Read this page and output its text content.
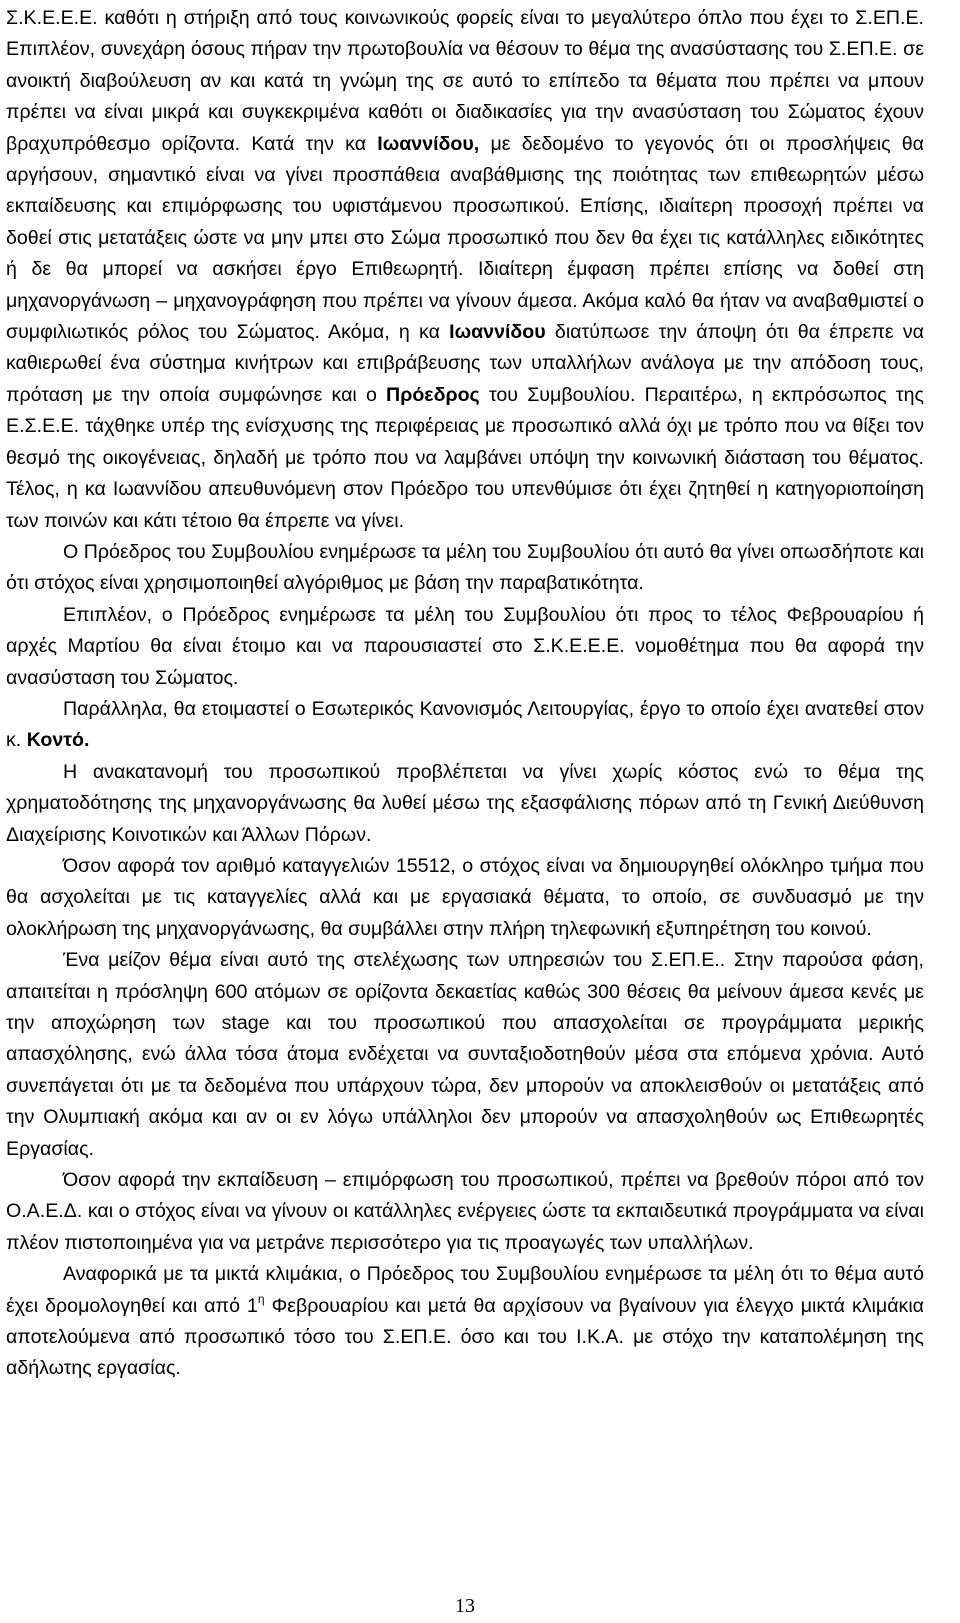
Σ.Κ.Ε.Ε.Ε. καθότι η στήριξη από τους κοινωνικούς φορείς είναι το μεγαλύτερο όπλο που έχει το Σ.ΕΠ.Ε. Επιπλέον, συνεχάρη όσους πήραν την πρωτοβουλία να θέσουν το θέμα της ανασύστασης του Σ.ΕΠ.Ε. σε ανοικτή διαβούλευση αν και κατά τη γνώμη της σε αυτό το επίπεδο τα θέματα που πρέπει να μπουν πρέπει να είναι μικρά και συγκεκριμένα καθότι οι διαδικασίες για την ανασύσταση του Σώματος έχουν βραχυπρόθεσμο ορίζοντα. Κατά την κα Ιωαννίδου, με δεδομένο το γεγονός ότι οι προσλήψεις θα αργήσουν, σημαντικό είναι να γίνει προσπάθεια αναβάθμισης της ποιότητας των επιθεωρητών μέσω εκπαίδευσης και επιμόρφωσης του υφιστάμενου προσωπικού. Επίσης, ιδιαίτερη προσοχή πρέπει να δοθεί στις μετατάξεις ώστε να μην μπει στο Σώμα προσωπικό που δεν θα έχει τις κατάλληλες ειδικότητες ή δε θα μπορεί να ασκήσει έργο Επιθεωρητή. Ιδιαίτερη έμφαση πρέπει επίσης να δοθεί στη μηχανοργάνωση – μηχανογράφηση που πρέπει να γίνουν άμεσα. Ακόμα καλό θα ήταν να αναβαθμιστεί ο συμφιλιωτικός ρόλος του Σώματος. Ακόμα, η κα Ιωαννίδου διατύπωσε την άποψη ότι θα έπρεπε να καθιερωθεί ένα σύστημα κινήτρων και επιβράβευσης των υπαλλήλων ανάλογα με την απόδοση τους, πρόταση με την οποία συμφώνησε και ο Πρόεδρος του Συμβουλίου. Περαιτέρω, η εκπρόσωπος της Ε.Σ.Ε.Ε. τάχθηκε υπέρ της ενίσχυσης της περιφέρειας με προσωπικό αλλά όχι με τρόπο που να θίξει τον θεσμό της οικογένειας, δηλαδή με τρόπο που να λαμβάνει υπόψη την κοινωνική διάσταση του θέματος. Τέλος, η κα Ιωαννίδου απευθυνόμενη στον Πρόεδρο του υπενθύμισε ότι έχει ζητηθεί η κατηγοριοποίηση των ποινών και κάτι τέτοιο θα έπρεπε να γίνει.

Ο Πρόεδρος του Συμβουλίου ενημέρωσε τα μέλη του Συμβουλίου ότι αυτό θα γίνει οπωσδήποτε και ότι στόχος είναι χρησιμοποιηθεί αλγόριθμος με βάση την παραβατικότητα.

Επιπλέον, ο Πρόεδρος ενημέρωσε τα μέλη του Συμβουλίου ότι προς το τέλος Φεβρουαρίου ή αρχές Μαρτίου θα είναι έτοιμο και να παρουσιαστεί στο Σ.Κ.Ε.Ε.Ε. νομοθέτημα που θα αφορά την ανασύσταση του Σώματος.

Παράλληλα, θα ετοιμαστεί ο Εσωτερικός Κανονισμός Λειτουργίας, έργο το οποίο έχει ανατεθεί στον κ. Κοντό.

Η ανακατανομή του προσωπικού προβλέπεται να γίνει χωρίς κόστος ενώ το θέμα της χρηματοδότησης της μηχανοργάνωσης θα λυθεί μέσω της εξασφάλισης πόρων από τη Γενική Διεύθυνση Διαχείρισης Κοινοτικών και Άλλων Πόρων.

Όσον αφορά τον αριθμό καταγγελιών 15512, ο στόχος είναι να δημιουργηθεί ολόκληρο τμήμα που θα ασχολείται με τις καταγγελίες αλλά και με εργασιακά θέματα, το οποίο, σε συνδυασμό με την ολοκλήρωση της μηχανοργάνωσης, θα συμβάλλει στην πλήρη τηλεφωνική εξυπηρέτηση του κοινού.

Ένα μείζον θέμα είναι αυτό της στελέχωσης των υπηρεσιών του Σ.ΕΠ.Ε.. Στην παρούσα φάση, απαιτείται η πρόσληψη 600 ατόμων σε ορίζοντα δεκαετίας καθώς 300 θέσεις θα μείνουν άμεσα κενές με την αποχώρηση των stage και του προσωπικού που απασχολείται σε προγράμματα μερικής απασχόλησης, ενώ άλλα τόσα άτομα ενδέχεται να συνταξιοδοτηθούν μέσα στα επόμενα χρόνια. Αυτό συνεπάγεται ότι με τα δεδομένα που υπάρχουν τώρα, δεν μπορούν να αποκλεισθούν οι μετατάξεις από την Ολυμπιακή ακόμα και αν οι εν λόγω υπάλληλοι δεν μπορούν να απασχοληθούν ως Επιθεωρητές Εργασίας.

Όσον αφορά την εκπαίδευση – επιμόρφωση του προσωπικού, πρέπει να βρεθούν πόροι από τον Ο.Α.Ε.Δ. και ο στόχος είναι να γίνουν οι κατάλληλες ενέργειες ώστε τα εκπαιδευτικά προγράμματα να είναι πλέον πιστοποιημένα για να μετράνε περισσότερο για τις προαγωγές των υπαλλήλων.

Αναφορικά με τα μικτά κλιμάκια, ο Πρόεδρος του Συμβουλίου ενημέρωσε τα μέλη ότι το θέμα αυτό έχει δρομολογηθεί και από $1^\eta$ Φεβρουαρίου και μετά θα αρχίσουν να βγαίνουν για έλεγχο μικτά κλιμάκια αποτελούμενα από προσωπικό τόσο του Σ.ΕΠ.Ε. όσο και του Ι.Κ.Α. με στόχο την καταπολέμηση της αδήλωτης εργασίας.

13
